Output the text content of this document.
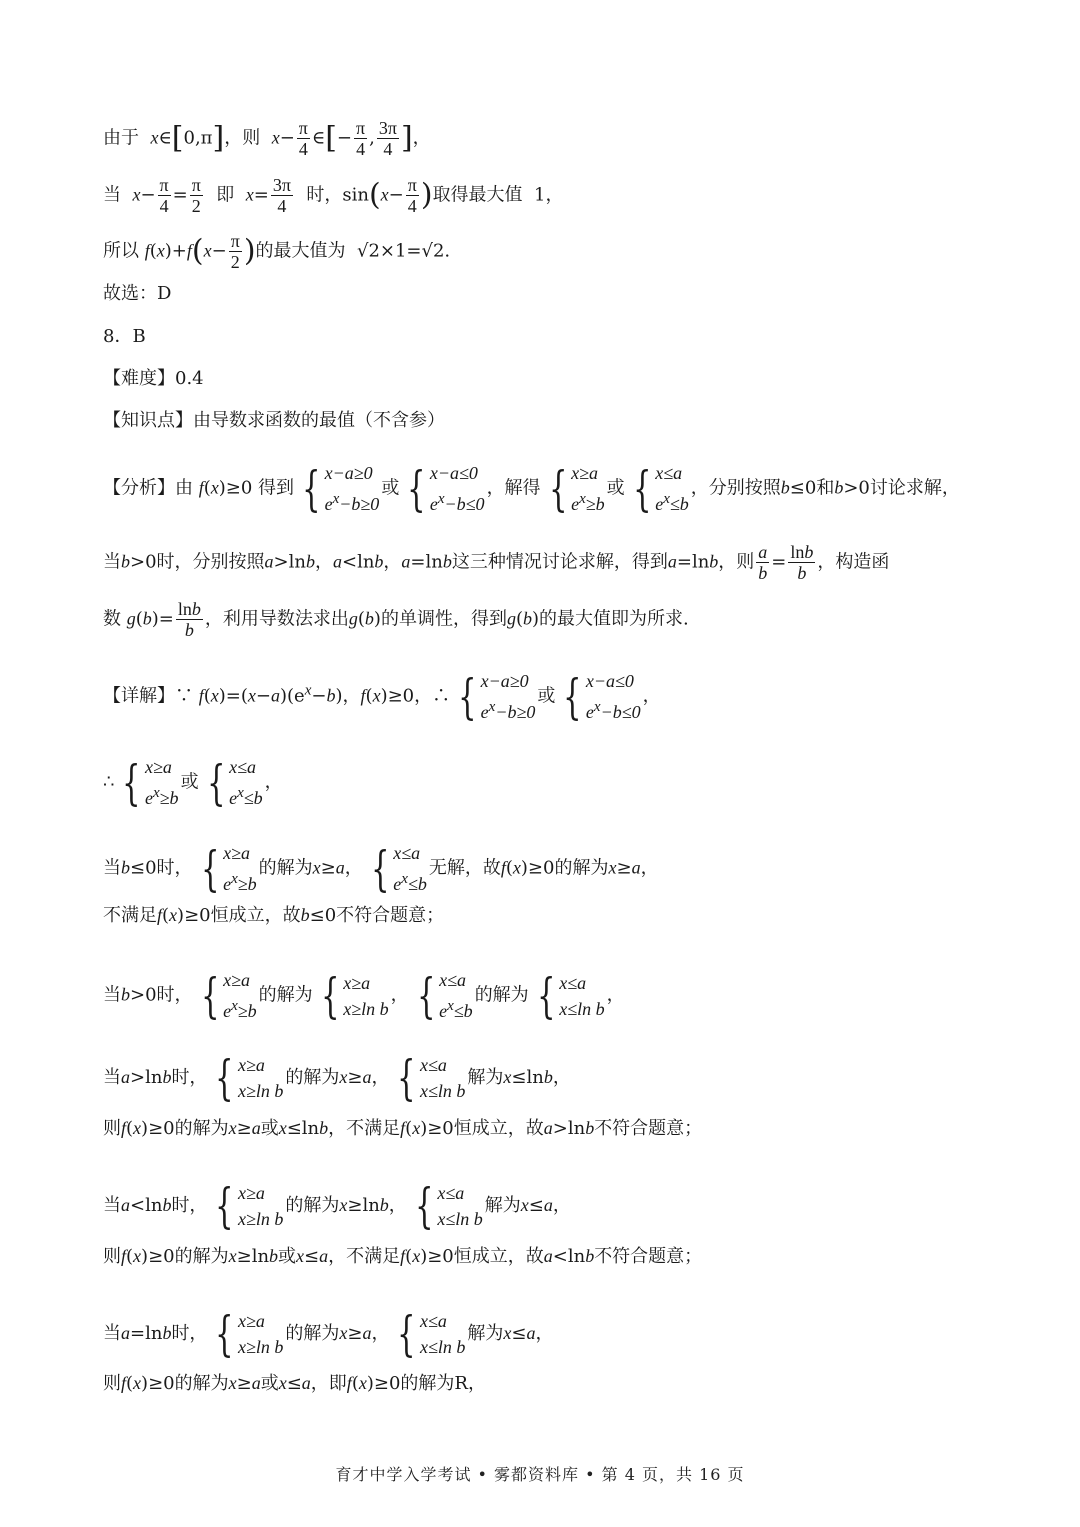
由于  x∈[0,π]，则  $x- \frac{\pi}{4}$ ∈[− $\frac{\pi}{4}$ , $\frac{3\pi}{4}$ ]，
当  $x- \frac{\pi}{4} = \frac{\pi}{2}$ 即  $x= \frac{3\pi}{4}$ 时，$\sin(x- \frac{\pi}{4}$ )取得最大值  1，
所以 $f(x)+f(x- \frac{\pi}{2}$ )的最大值为  √2×1=√2.
故选：D
8．B
【难度】0.4
【知识点】由导数求函数的最值（不含参）
【分析】由 f(x)≥0 得到 { x−a≥0
$e^x-b\ge 0$
或 { x−a≤0
$e^x-b\le 0$
，解得 { x≥a
$e^x\ge b$
或 { x≤a
$e^x\le b$
，分别按照b≤0和b>0讨论求解，
当b>0时，分别按照a>lnb，a<lnb，a=lnb这三种情况讨论求解，得到a=lnb，则 $\frac{a}{b} = \frac{\ln b}{b}$ ，构造函
数 $g(b)= \frac{\ln b}{b}$ ，利用导数法求出g(b)的单调性，得到g(b)的最大值即为所求.
【详解】∵ $f(x)=(x-a)(e^x-b)$，f(x)≥0，∴ { x−a≥0
$e^x-b\ge 0$
或 { x−a≤0
$e^x-b\le 0$
，
∴ { x≥a
$e^x\ge b$
或 { x≤a
$e^x\le b$
，
当b≤0时， { x≥a
$e^x\ge b$
的解为x≥a， { x≤a
$e^x\le b$
无解，故f(x)≥0的解为x≥a，
不满足f(x)≥0恒成立，故b≤0不符合题意；
当b>0时， { x≥a
$e^x\ge b$
的解为 { x≥a
x≥ln b
， { x≤a
$e^x\le b$
的解为 { x≤a
x≤ln b
，
当a>lnb时， { x≥a
x≥ln b
的解为x≥a， { x≤a
x≤ln b
解为x≤lnb，
则f(x)≥0的解为x≥a或x≤lnb，不满足f(x)≥0恒成立，故a>lnb不符合题意；
当a<lnb时， { x≥a
x≥ln b
的解为x≥lnb， { x≤a
x≤ln b
解为x≤a，
则f(x)≥0的解为x≥lnb或x≤a，不满足f(x)≥0恒成立，故a<lnb不符合题意；
当a=lnb时， { x≥a
x≥ln b
的解为x≥a， { x≤a
x≤ln b
解为x≤a，
则f(x)≥0的解为x≥a或x≤a，即f(x)≥0的解为R，
育才中学入学考试 • 雾都资料库 • 第 4 页，共 16 页
